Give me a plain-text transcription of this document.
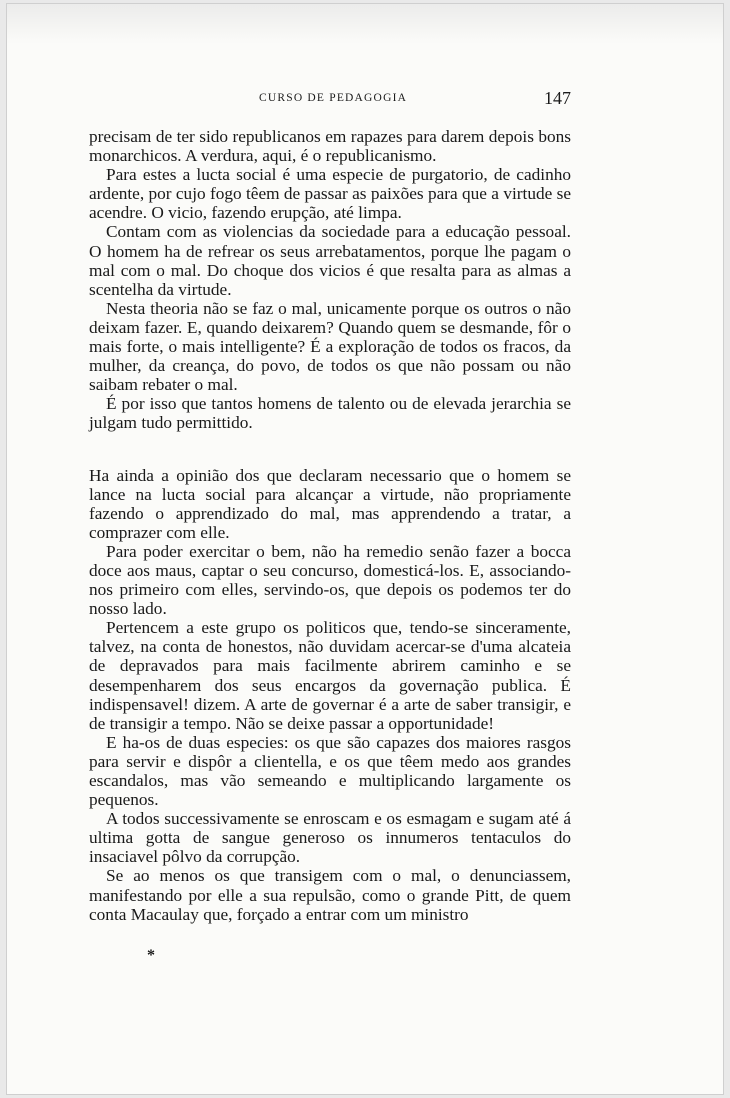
CURSO DE PEDAGOGIA	147

precisam de ter sido republicanos em rapazes para darem depois bons monarchicos. A verdura, aqui, é o republicanismo.

Para estes a lucta social é uma especie de purgatorio, de cadinho ardente, por cujo fogo têem de passar as paixões para que a virtude se acendre. O vicio, fazendo erupção, até limpa.

Contam com as violencias da sociedade para a educação pessoal. O homem ha de refrear os seus arrebatamentos, porque lhe pagam o mal com o mal. Do choque dos vicios é que resalta para as almas a scentelha da virtude.

Nesta theoria não se faz o mal, unicamente porque os outros o não deixam fazer. E, quando deixarem? Quando quem se desmande, fôr o mais forte, o mais intelligente? É a exploração de todos os fracos, da mulher, da creança, do povo, de todos os que não possam ou não saibam rebater o mal.

É por isso que tantos homens de talento ou de elevada jerarchia se julgam tudo permittido.

Ha ainda a opinião dos que declaram necessario que o homem se lance na lucta social para alcançar a virtude, não propriamente fazendo o apprendizado do mal, mas apprendendo a tratar, a comprazer com elle.

Para poder exercitar o bem, não ha remedio senão fazer a bocca doce aos maus, captar o seu concurso, domesticá-los. E, associando-nos primeiro com elles, servindo-os, que depois os podemos ter do nosso lado.

Pertencem a este grupo os politicos que, tendo-se sinceramente, talvez, na conta de honestos, não duvidam acercar-se d'uma alcateia de depravados para mais facilmente abrirem caminho e se desempenharem dos seus encargos da governação publica. É indispensavel! dizem. A arte de governar é a arte de saber transigir, e de transigir a tempo. Não se deixe passar a opportunidade!

E ha-os de duas especies: os que são capazes dos maiores rasgos para servir e dispôr a clientella, e os que têem medo aos grandes escandalos, mas vão semeando e multiplicando largamente os pequenos.

A todos successivamente se enroscam e os esmagam e sugam até á ultima gotta de sangue generoso os innumeros tentaculos do insaciavel pôlvo da corrupção.

Se ao menos os que transigem com o mal, o denunciassem, manifestando por elle a sua repulsão, como o grande Pitt, de quem conta Macaulay que, forçado a entrar com um ministro

*
